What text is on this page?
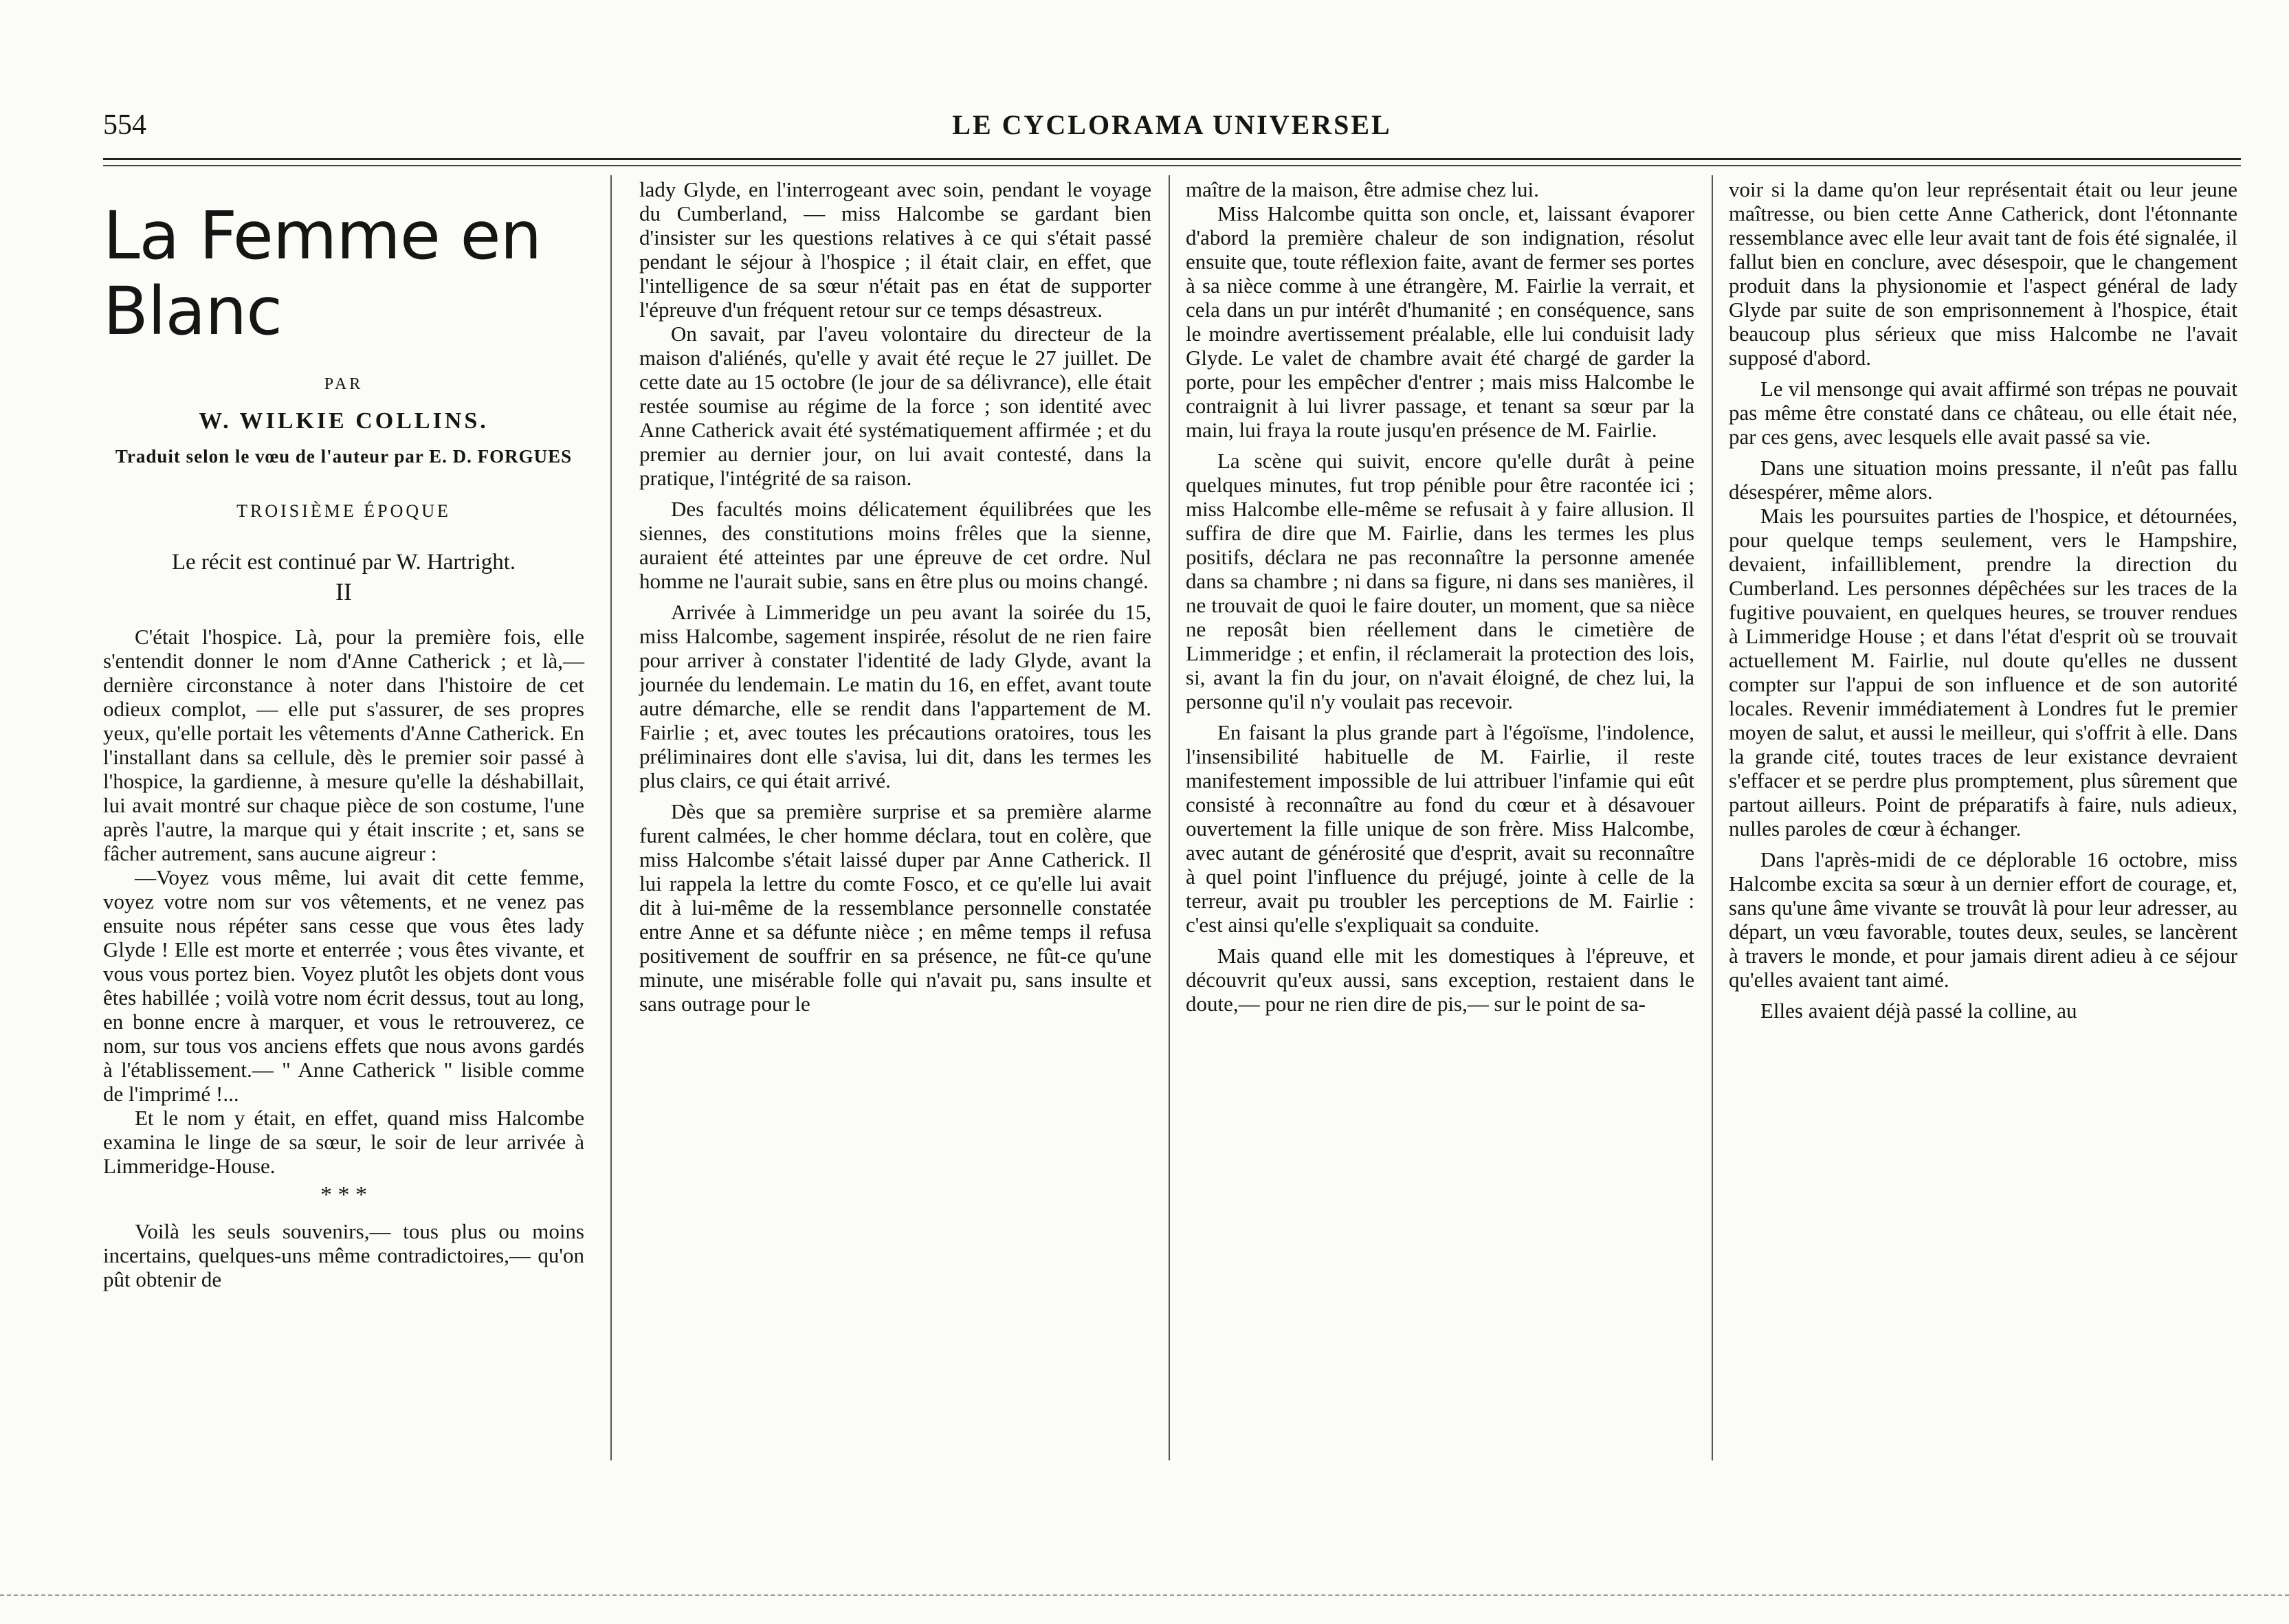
554	LE CYCLORAMA UNIVERSEL
La Femme en Blanc
PAR
W. WILKIE COLLINS.
Traduit selon le vœu de l'auteur par E. D. FORGUES
TROISIÈME ÉPOQUE
Le récit est continué par W. Hartright.
II

C'était l'hospice. Là, pour la première fois, elle s'entendit donner le nom d'Anne Catherick ; et là,— dernière circonstance à noter dans l'histoire de cet odieux complot, — elle put s'assurer, de ses propres yeux, qu'elle portait les vêtements d'Anne Catherick. En l'installant dans sa cellule, dès le premier soir passé à l'hospice, la gardienne, à mesure qu'elle la déshabillait, lui avait montré sur chaque pièce de son costume, l'une après l'autre, la marque qui y était inscrite ; et, sans se fâcher autrement, sans aucune aigreur :

—Voyez vous même, lui avait dit cette femme, voyez votre nom sur vos vêtements, et ne venez pas ensuite nous répéter sans cesse que vous êtes lady Glyde ! Elle est morte et enterrée ; vous êtes vivante, et vous vous portez bien. Voyez plutôt les objets dont vous êtes habillée ; voilà votre nom écrit dessus, tout au long, en bonne encre à marquer, et vous le retrouverez, ce nom, sur tous vos anciens effets que nous avons gardés à l'établissement.— " Anne Catherick " lisible comme de l'imprimé !...

Et le nom y était, en effet, quand miss Halcombe examina le linge de sa sœur, le soir de leur arrivée à Limmeridge-House.

* * *

Voilà les seuls souvenirs,— tous plus ou moins incertains, quelques-uns même contradictoires,— qu'on pût obtenir de

lady Glyde, en l'interrogeant avec soin, pendant le voyage du Cumberland, — miss Halcombe se gardant bien d'insister sur les questions relatives à ce qui s'était passé pendant le séjour à l'hospice ; il était clair, en effet, que l'intelligence de sa sœur n'était pas en état de supporter l'épreuve d'un fréquent retour sur ce temps désastreux.

On savait, par l'aveu volontaire du directeur de la maison d'aliénés, qu'elle y avait été reçue le 27 juillet. De cette date au 15 octobre (le jour de sa délivrance), elle était restée soumise au régime de la force ; son identité avec Anne Catherick avait été systématiquement affirmée ; et du premier au dernier jour, on lui avait contesté, dans la pratique, l'intégrité de sa raison.

Des facultés moins délicatement équilibrées que les siennes, des constitutions moins frêles que la sienne, auraient été atteintes par une épreuve de cet ordre. Nul homme ne l'aurait subie, sans en être plus ou moins changé.

Arrivée à Limmeridge un peu avant la soirée du 15, miss Halcombe, sagement inspirée, résolut de ne rien faire pour arriver à constater l'identité de lady Glyde, avant la journée du lendemain. Le matin du 16, en effet, avant toute autre démarche, elle se rendit dans l'appartement de M. Fairlie ; et, avec toutes les précautions oratoires, tous les préliminaires dont elle s'avisa, lui dit, dans les termes les plus clairs, ce qui était arrivé.

Dès que sa première surprise et sa première alarme furent calmées, le cher homme déclara, tout en colère, que miss Halcombe s'était laissé duper par Anne Catherick. Il lui rappela la lettre du comte Fosco, et ce qu'elle lui avait dit à lui-même de la ressemblance personnelle constatée entre Anne et sa défunte nièce ; en même temps il refusa positivement de souffrir en sa présence, ne fût-ce qu'une minute, une misérable folle qui n'avait pu, sans insulte et sans outrage pour le

maître de la maison, être admise chez lui.

Miss Halcombe quitta son oncle, et, laissant évaporer d'abord la première chaleur de son indignation, résolut ensuite que, toute réflexion faite, avant de fermer ses portes à sa nièce comme à une étrangère, M. Fairlie la verrait, et cela dans un pur intérêt d'humanité ; en conséquence, sans le moindre avertissement préalable, elle lui conduisit lady Glyde. Le valet de chambre avait été chargé de garder la porte, pour les empêcher d'entrer ; mais miss Halcombe le contraignit à lui livrer passage, et tenant sa sœur par la main, lui fraya la route jusqu'en présence de M. Fairlie.

La scène qui suivit, encore qu'elle durât à peine quelques minutes, fut trop pénible pour être racontée ici ; miss Halcombe elle-même se refusait à y faire allusion. Il suffira de dire que M. Fairlie, dans les termes les plus positifs, déclara ne pas reconnaître la personne amenée dans sa chambre ; ni dans sa figure, ni dans ses manières, il ne trouvait de quoi le faire douter, un moment, que sa nièce ne reposât bien réellement dans le cimetière de Limmeridge ; et enfin, il réclamerait la protection des lois, si, avant la fin du jour, on n'avait éloigné, de chez lui, la personne qu'il n'y voulait pas recevoir.

En faisant la plus grande part à l'égoïsme, l'indolence, l'insensibilité habituelle de M. Fairlie, il reste manifestement impossible de lui attribuer l'infamie qui eût consisté à reconnaître au fond du cœur et à désavouer ouvertement la fille unique de son frère. Miss Halcombe, avec autant de générosité que d'esprit, avait su reconnaître à quel point l'influence du préjugé, jointe à celle de la terreur, avait pu troubler les perceptions de M. Fairlie : c'est ainsi qu'elle s'expliquait sa conduite.

Mais quand elle mit les domestiques à l'épreuve, et découvrit qu'eux aussi, sans exception, restaient dans le doute,— pour ne rien dire de pis,— sur le point de sa-

voir si la dame qu'on leur représentait était ou leur jeune maîtresse, ou bien cette Anne Catherick, dont l'étonnante ressemblance avec elle leur avait tant de fois été signalée, il fallut bien en conclure, avec désespoir, que le changement produit dans la physionomie et l'aspect général de lady Glyde par suite de son emprisonnement à l'hospice, était beaucoup plus sérieux que miss Halcombe ne l'avait supposé d'abord.

Le vil mensonge qui avait affirmé son trépas ne pouvait pas même être constaté dans ce château, ou elle était née, par ces gens, avec lesquels elle avait passé sa vie.

Dans une situation moins pressante, il n'eût pas fallu désespérer, même alors.

Mais les poursuites parties de l'hospice, et détournées, pour quelque temps seulement, vers le Hampshire, devaient, infailliblement, prendre la direction du Cumberland. Les personnes dépêchées sur les traces de la fugitive pouvaient, en quelques heures, se trouver rendues à Limmeridge House ; et dans l'état d'esprit où se trouvait actuellement M. Fairlie, nul doute qu'elles ne dussent compter sur l'appui de son influence et de son autorité locales. Revenir immédiatement à Londres fut le premier moyen de salut, et aussi le meilleur, qui s'offrit à elle. Dans la grande cité, toutes traces de leur existance devraient s'effacer et se perdre plus promptement, plus sûrement que partout ailleurs. Point de préparatifs à faire, nuls adieux, nulles paroles de cœur à échanger.

Dans l'après-midi de ce déplorable 16 octobre, miss Halcombe excita sa sœur à un dernier effort de courage, et, sans qu'une âme vivante se trouvât là pour leur adresser, au départ, un vœu favorable, toutes deux, seules, se lancèrent à travers le monde, et pour jamais dirent adieu à ce séjour qu'elles avaient tant aimé.

Elles avaient déjà passé la colline, au
